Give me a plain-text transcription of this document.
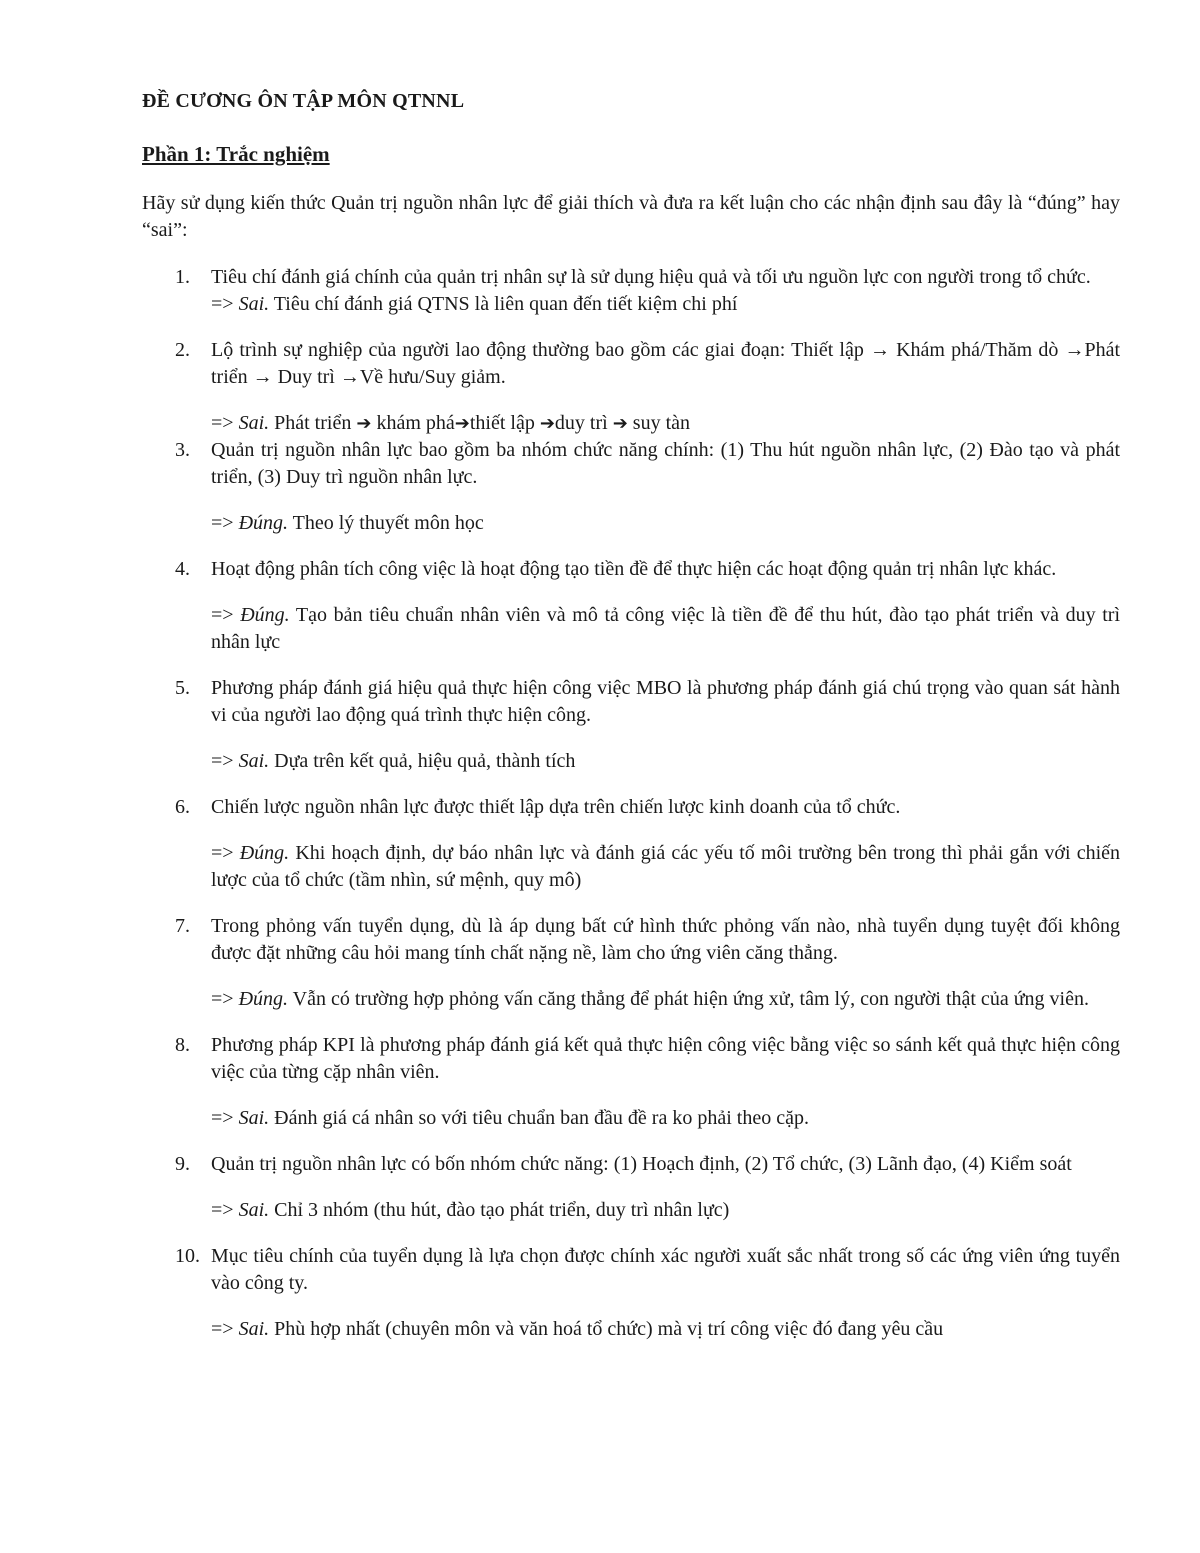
ĐỀ CƯƠNG ÔN TẬP MÔN QTNNL
Phần 1: Trắc nghiệm
Hãy sử dụng kiến thức Quản trị nguồn nhân lực để giải thích và đưa ra kết luận cho các nhận định sau đây là “đúng” hay “sai”:
1.	Tiêu chí đánh giá chính của quản trị nhân sự là sử dụng hiệu quả và tối ưu nguồn lực con người trong tổ chức.
=> Sai. Tiêu chí đánh giá QTNS là liên quan đến tiết kiệm chi phí
2.	Lộ trình sự nghiệp của người lao động thường bao gồm các giai đoạn: Thiết lập → Khám phá/Thăm dò →Phát triển → Duy trì →Về hưu/Suy giảm.
=> Sai. Phát triển ➔ khám phá➔thiết lập ➔duy trì ➔ suy tàn
3.	Quản trị nguồn nhân lực bao gồm ba nhóm chức năng chính: (1) Thu hút nguồn nhân lực, (2) Đào tạo và phát triển, (3) Duy trì nguồn nhân lực.
=> Đúng. Theo lý thuyết môn học
4.	Hoạt động phân tích công việc là hoạt động tạo tiền đề để thực hiện các hoạt động quản trị nhân lực khác.
=> Đúng. Tạo bản tiêu chuẩn nhân viên và mô tả công việc là tiền đề để thu hút, đào tạo phát triển và duy trì nhân lực
5.	Phương pháp đánh giá hiệu quả thực hiện công việc MBO là phương pháp đánh giá chú trọng vào quan sát hành vi của người lao động quá trình thực hiện công.
=> Sai. Dựa trên kết quả, hiệu quả, thành tích
6.	Chiến lược nguồn nhân lực được thiết lập dựa trên chiến lược kinh doanh của tổ chức.
=> Đúng. Khi hoạch định, dự báo nhân lực và đánh giá các yếu tố môi trường bên trong thì phải gắn với chiến lược của tổ chức (tầm nhìn, sứ mệnh, quy mô)
7.	Trong phỏng vấn tuyển dụng, dù là áp dụng bất cứ hình thức phỏng vấn nào, nhà tuyển dụng tuyệt đối không được đặt những câu hỏi mang tính chất nặng nề, làm cho ứng viên căng thẳng.
=> Đúng. Vẫn có trường hợp phỏng vấn căng thẳng để phát hiện ứng xử, tâm lý, con người thật của ứng viên.
8.	Phương pháp KPI là phương pháp đánh giá kết quả thực hiện công việc bằng việc so sánh kết quả thực hiện công việc của từng cặp nhân viên.
=> Sai. Đánh giá cá nhân so với tiêu chuẩn ban đầu đề ra ko phải theo cặp.
9.	Quản trị nguồn nhân lực có bốn nhóm chức năng: (1) Hoạch định, (2) Tổ chức, (3) Lãnh đạo, (4) Kiểm soát
=> Sai. Chỉ 3 nhóm (thu hút, đào tạo phát triển, duy trì nhân lực)
10. Mục tiêu chính của tuyển dụng là lựa chọn được chính xác người xuất sắc nhất trong số các ứng viên ứng tuyển vào công ty.
=> Sai. Phù hợp nhất (chuyên môn và văn hoá tổ chức) mà vị trí công việc đó đang yêu cầu
